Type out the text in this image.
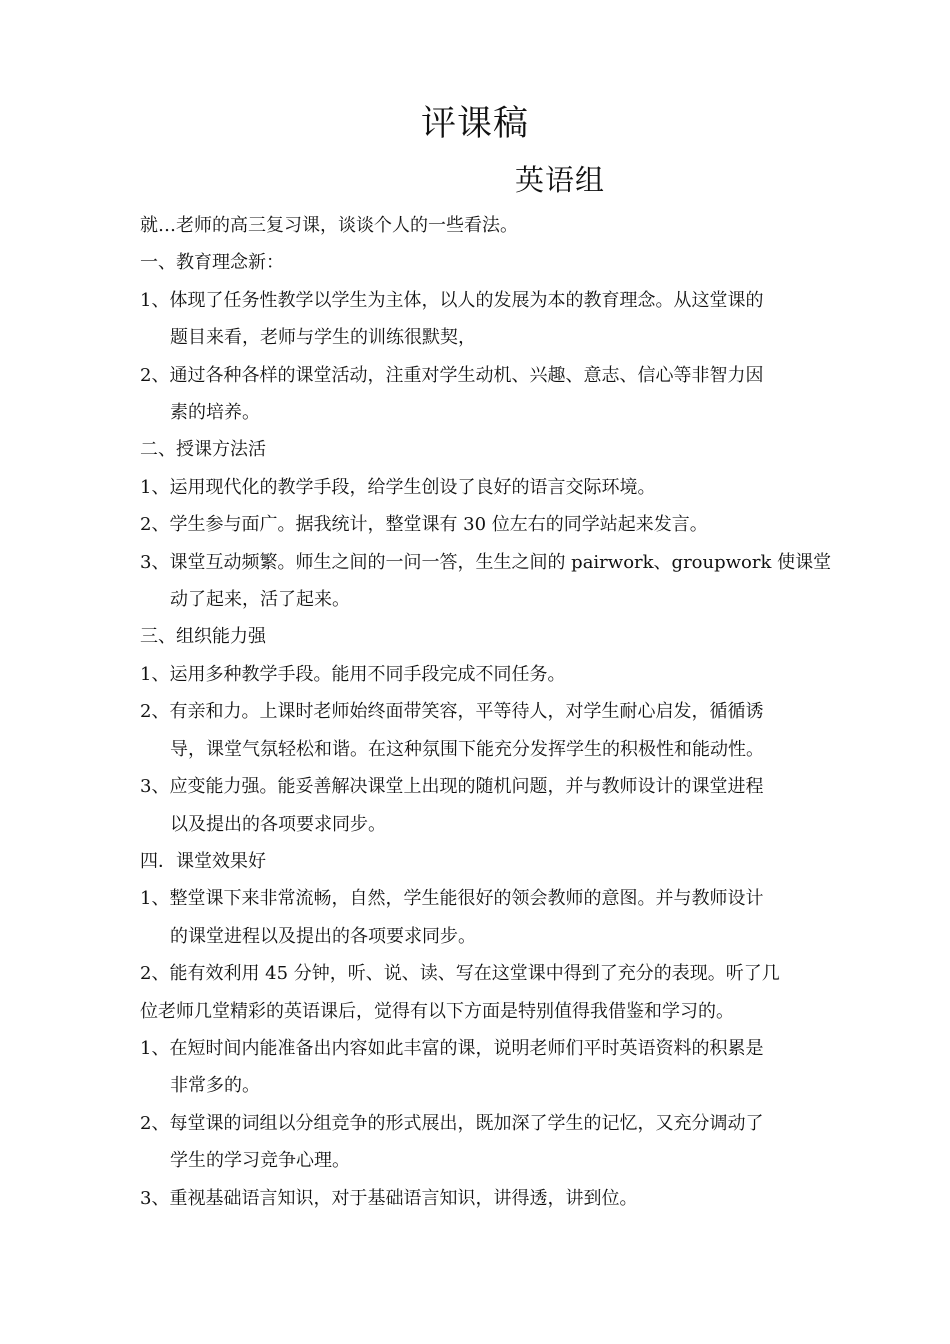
评课稿
英语组

就…老师的高三复习课，谈谈个人的一些看法。

一、教育理念新：

1、体现了任务性教学以学生为主体，以人的发展为本的教育理念。从这堂课的

题目来看，老师与学生的训练很默契，

2、通过各种各样的课堂活动，注重对学生动机、兴趣、意志、信心等非智力因

素的培养。

二、授课方法活

1、运用现代化的教学手段，给学生创设了良好的语言交际环境。

2、学生参与面广。据我统计，整堂课有 30 位左右的同学站起来发言。

3、课堂互动频繁。师生之间的一问一答，生生之间的 pairwork、groupwork 使课堂

动了起来，活了起来。

三、组织能力强

1、运用多种教学手段。能用不同手段完成不同任务。

2、有亲和力。上课时老师始终面带笑容，平等待人，对学生耐心启发，循循诱

导，课堂气氛轻松和谐。在这种氛围下能充分发挥学生的积极性和能动性。

3、应变能力强。能妥善解决课堂上出现的随机问题，并与教师设计的课堂进程

以及提出的各项要求同步。

四．课堂效果好

1、整堂课下来非常流畅，自然，学生能很好的领会教师的意图。并与教师设计

的课堂进程以及提出的各项要求同步。

2、能有效利用 45 分钟，听、说、读、写在这堂课中得到了充分的表现。听了几

位老师几堂精彩的英语课后，觉得有以下方面是特别值得我借鉴和学习的。

1、在短时间内能准备出内容如此丰富的课，说明老师们平时英语资料的积累是

非常多的。

2、每堂课的词组以分组竞争的形式展出，既加深了学生的记忆，又充分调动了

学生的学习竞争心理。

3、重视基础语言知识，对于基础语言知识，讲得透，讲到位。
